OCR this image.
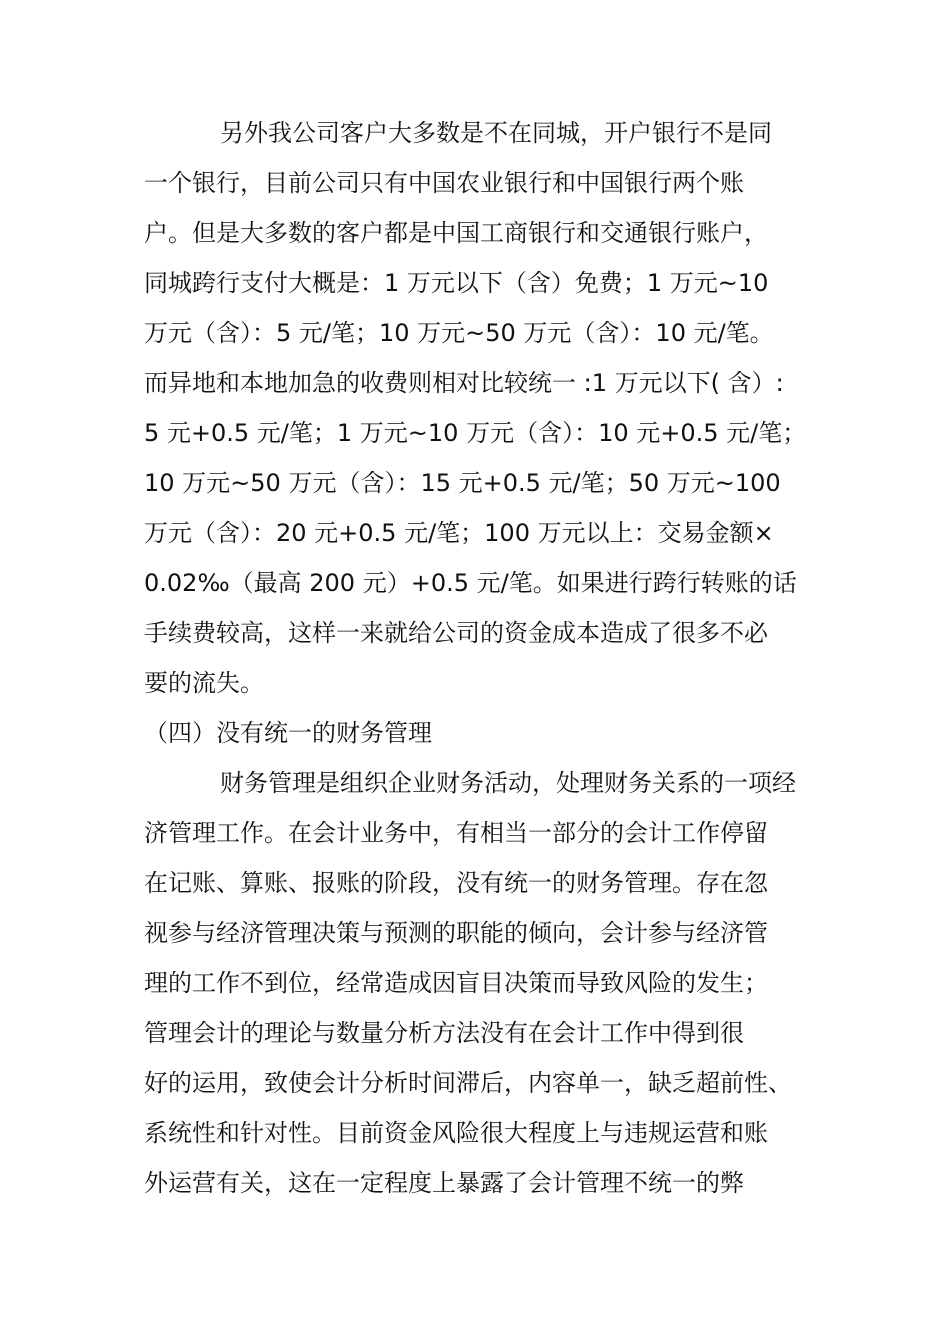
另外我公司客户大多数是不在同城，开户银行不是同
一个银行，目前公司只有中国农业银行和中国银行两个账
户。但是大多数的客户都是中国工商银行和交通银行账户，
同城跨行支付大概是：1 万元以下（含）免费；1 万元~10
万元（含）：5 元/笔；10 万元~50 万元（含）：10 元/笔。
而异地和本地加急的收费则相对比较统一 :1 万元以下( 含）:
5 元+0.5 元/笔；1 万元~10 万元（含）：10 元+0.5 元/笔；
10 万元~50 万元（含）：15 元+0.5 元/笔；50 万元~100
万元（含）：20 元+0.5 元/笔；100 万元以上：交易金额×
0.02‰（最高 200 元）+0.5 元/笔。如果进行跨行转账的话
手续费较高，这样一来就给公司的资金成本造成了很多不必
要的流失。
（四）没有统一的财务管理
财务管理是组织企业财务活动，处理财务关系的一项经
济管理工作。在会计业务中，有相当一部分的会计工作停留
在记账、算账、报账的阶段，没有统一的财务管理。存在忽
视参与经济管理决策与预测的职能的倾向，会计参与经济管
理的工作不到位，经常造成因盲目决策而导致风险的发生；
管理会计的理论与数量分析方法没有在会计工作中得到很
好的运用，致使会计分析时间滞后，内容单一，缺乏超前性、
系统性和针对性。目前资金风险很大程度上与违规运营和账
外运营有关，这在一定程度上暴露了会计管理不统一的弊
